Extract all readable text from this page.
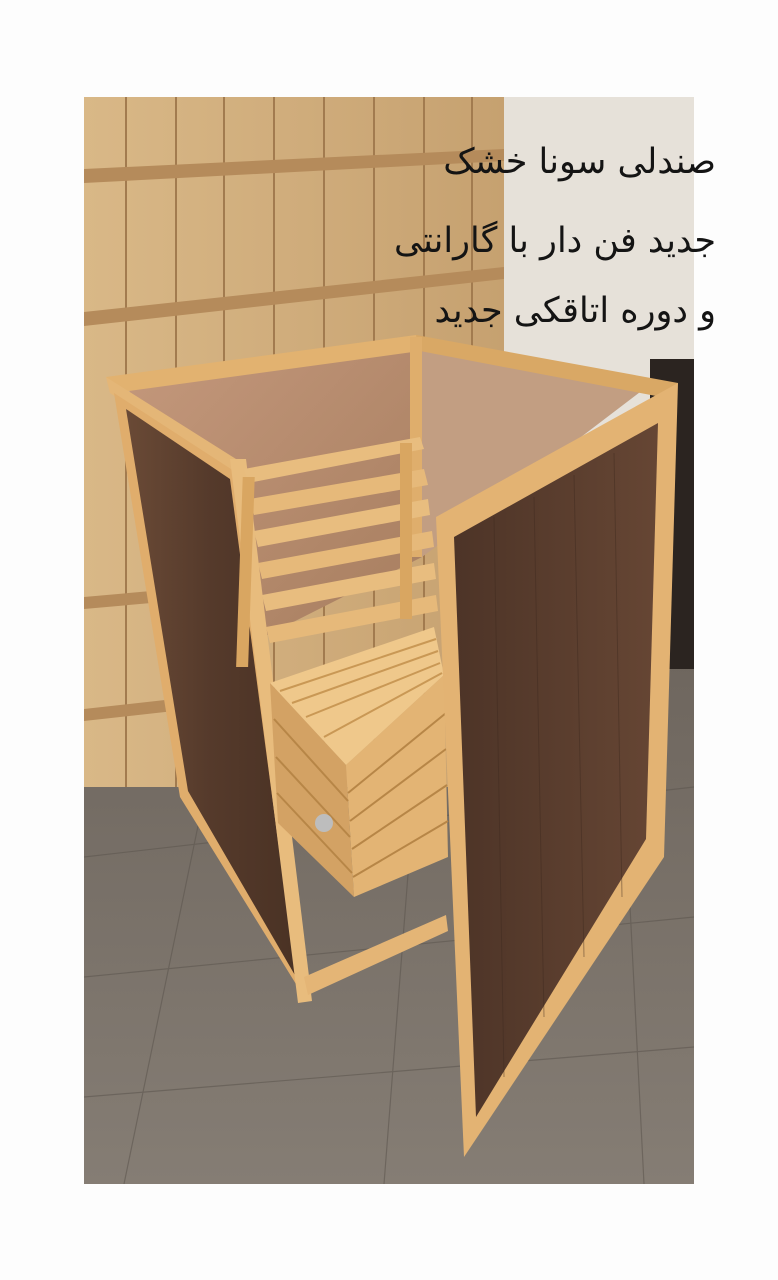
صندلی سونا خشک
جدید فن دار با گارانتی
و دوره اتاقکی جدید
